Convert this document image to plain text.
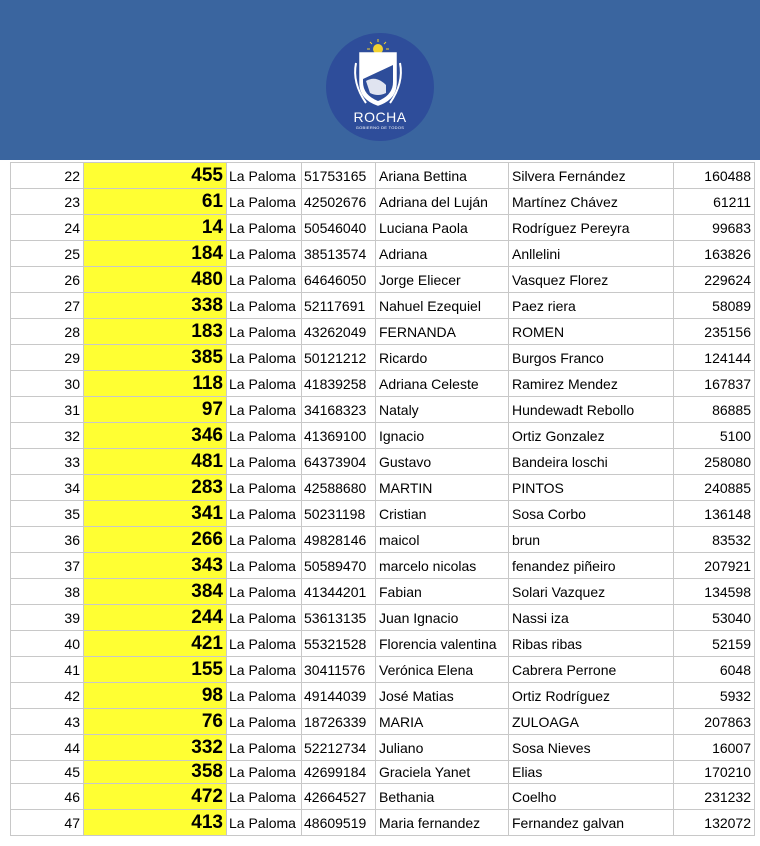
ROCHA
GOBIERNO DE TODOS
22	455	La Paloma	51753165	Ariana Bettina	Silvera Fernández	160488
23	61	La Paloma	42502676	Adriana del Luján	Martínez Chávez	61211
24	14	La Paloma	50546040	Luciana Paola	Rodríguez Pereyra	99683
25	184	La Paloma	38513574	Adriana	Anllelini	163826
26	480	La Paloma	64646050	Jorge Eliecer	Vasquez Florez	229624
27	338	La Paloma	52117691	Nahuel Ezequiel	Paez riera	58089
28	183	La Paloma	43262049	FERNANDA	ROMEN	235156
29	385	La Paloma	50121212	Ricardo	Burgos Franco	124144
30	118	La Paloma	41839258	Adriana Celeste	Ramirez Mendez	167837
31	97	La Paloma	34168323	Nataly	Hundewadt Rebollo	86885
32	346	La Paloma	41369100	Ignacio	Ortiz Gonzalez	5100
33	481	La Paloma	64373904	Gustavo	Bandeira loschi	258080
34	283	La Paloma	42588680	MARTIN	PINTOS	240885
35	341	La Paloma	50231198	Cristian	Sosa Corbo	136148
36	266	La Paloma	49828146	maicol	brun	83532
37	343	La Paloma	50589470	marcelo nicolas	fenandez piñeiro	207921
38	384	La Paloma	41344201	Fabian	Solari Vazquez	134598
39	244	La Paloma	53613135	Juan Ignacio	Nassi iza	53040
40	421	La Paloma	55321528	Florencia valentina	Ribas ribas	52159
41	155	La Paloma	30411576	Verónica Elena	Cabrera Perrone	6048
42	98	La Paloma	49144039	José Matias	Ortiz Rodríguez	5932
43	76	La Paloma	18726339	MARIA	ZULOAGA	207863
44	332	La Paloma	52212734	Juliano	Sosa Nieves	16007
45	358	La Paloma	42699184	Graciela Yanet	Elias	170210
46	472	La Paloma	42664527	Bethania	Coelho	231232
47	413	La Paloma	48609519	Maria fernandez	Fernandez galvan	132072
